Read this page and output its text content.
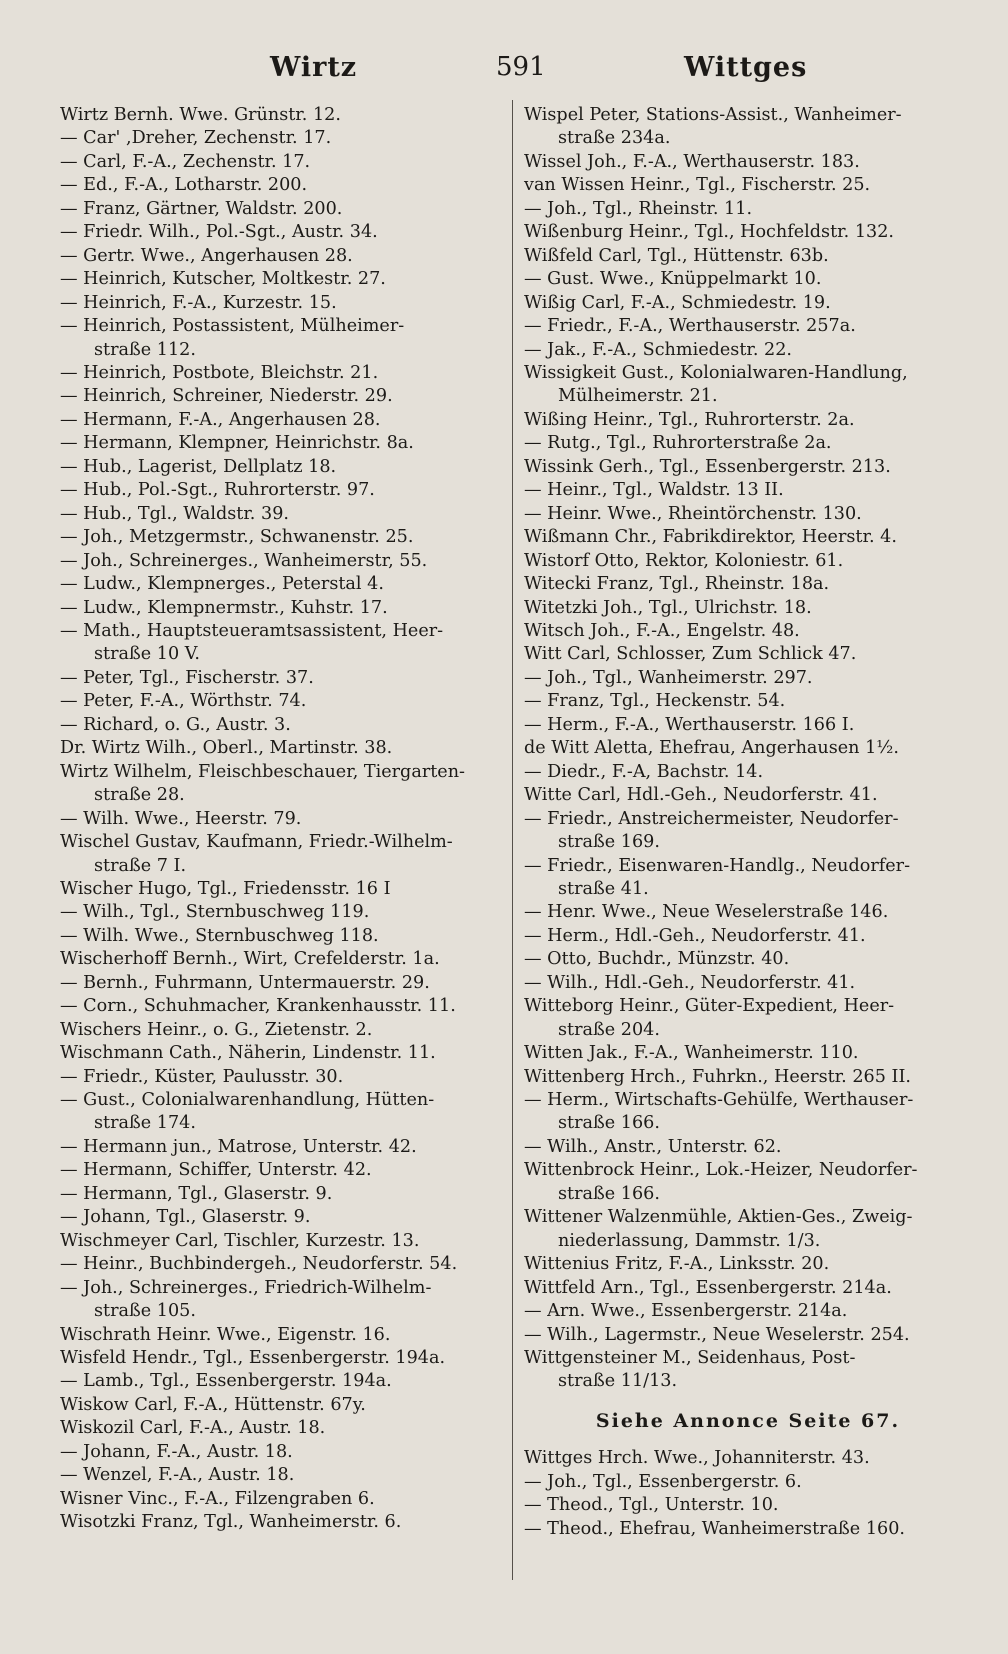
Wirtz	591	Wittges
Wirtz Bernh. Wwe. Grünstr. 12.
— Car' ,Dreher, Zechenstr. 17.
— Carl, F.-A., Zechenstr. 17.
— Ed., F.-A., Lotharstr. 200.
— Franz, Gärtner, Waldstr. 200.
— Friedr. Wilh., Pol.-Sgt., Austr. 34.
— Gertr. Wwe., Angerhausen 28.
— Heinrich, Kutscher, Moltkestr. 27.
— Heinrich, F.-A., Kurzestr. 15.
— Heinrich, Postassistent, Mülheimer-
straße 112.
— Heinrich, Postbote, Bleichstr. 21.
— Heinrich, Schreiner, Niederstr. 29.
— Hermann, F.-A., Angerhausen 28.
— Hermann, Klempner, Heinrichstr. 8a.
— Hub., Lagerist, Dellplatz 18.
— Hub., Pol.-Sgt., Ruhrorterstr. 97.
— Hub., Tgl., Waldstr. 39.
— Joh., Metzgermstr., Schwanenstr. 25.
— Joh., Schreinerges., Wanheimerstr, 55.
— Ludw., Klempnerges., Peterstal 4.
— Ludw., Klempnermstr., Kuhstr. 17.
— Math., Hauptsteueramtsassistent, Heer-
straße 10 V.
— Peter, Tgl., Fischerstr. 37.
— Peter, F.-A., Wörthstr. 74.
— Richard, o. G., Austr. 3.
Dr. Wirtz Wilh., Oberl., Martinstr. 38.
Wirtz Wilhelm, Fleischbeschauer, Tiergarten-
straße 28.
— Wilh. Wwe., Heerstr. 79.
Wischel Gustav, Kaufmann, Friedr.-Wilhelm-
straße 7 I.
Wischer Hugo, Tgl., Friedensstr. 16 I
— Wilh., Tgl., Sternbuschweg 119.
— Wilh. Wwe., Sternbuschweg 118.
Wischerhoff Bernh., Wirt, Crefelderstr. 1a.
— Bernh., Fuhrmann, Untermauerstr. 29.
— Corn., Schuhmacher, Krankenhausstr. 11.
Wischers Heinr., o. G., Zietenstr. 2.
Wischmann Cath., Näherin, Lindenstr. 11.
— Friedr., Küster, Paulusstr. 30.
— Gust., Colonialwarenhandlung, Hütten-
straße 174.
— Hermann jun., Matrose, Unterstr. 42.
— Hermann, Schiffer, Unterstr. 42.
— Hermann, Tgl., Glaserstr. 9.
— Johann, Tgl., Glaserstr. 9.
Wischmeyer Carl, Tischler, Kurzestr. 13.
— Heinr., Buchbindergeh., Neudorferstr. 54.
— Joh., Schreinerges., Friedrich-Wilhelm-
straße 105.
Wischrath Heinr. Wwe., Eigenstr. 16.
Wisfeld Hendr., Tgl., Essenbergerstr. 194a.
— Lamb., Tgl., Essenbergerstr. 194a.
Wiskow Carl, F.-A., Hüttenstr. 67y.
Wiskozil Carl, F.-A., Austr. 18.
— Johann, F.-A., Austr. 18.
— Wenzel, F.-A., Austr. 18.
Wisner Vinc., F.-A., Filzengraben 6.
Wisotzki Franz, Tgl., Wanheimerstr. 6.
Wispel Peter, Stations-Assist., Wanheimer-
straße 234a.
Wissel Joh., F.-A., Werthauserstr. 183.
van Wissen Heinr., Tgl., Fischerstr. 25.
— Joh., Tgl., Rheinstr. 11.
Wißenburg Heinr., Tgl., Hochfeldstr. 132.
Wißfeld Carl, Tgl., Hüttenstr. 63b.
— Gust. Wwe., Knüppelmarkt 10.
Wißig Carl, F.-A., Schmiedestr. 19.
— Friedr., F.-A., Werthauserstr. 257a.
— Jak., F.-A., Schmiedestr. 22.
Wissigkeit Gust., Kolonialwaren-Handlung,
Mülheimerstr. 21.
Wißing Heinr., Tgl., Ruhrorterstr. 2a.
— Rutg., Tgl., Ruhrorterstraße 2a.
Wissink Gerh., Tgl., Essenbergerstr. 213.
— Heinr., Tgl., Waldstr. 13 II.
— Heinr. Wwe., Rheintörchenstr. 130.
Wißmann Chr., Fabrikdirektor, Heerstr. 4.
Wistorf Otto, Rektor, Koloniestr. 61.
Witecki Franz, Tgl., Rheinstr. 18a.
Witetzki Joh., Tgl., Ulrichstr. 18.
Witsch Joh., F.-A., Engelstr. 48.
Witt Carl, Schlosser, Zum Schlick 47.
— Joh., Tgl., Wanheimerstr. 297.
— Franz, Tgl., Heckenstr. 54.
— Herm., F.-A., Werthauserstr. 166 I.
de Witt Aletta, Ehefrau, Angerhausen 1½.
— Diedr., F.-A, Bachstr. 14.
Witte Carl, Hdl.-Geh., Neudorferstr. 41.
— Friedr., Anstreichermeister, Neudorfer-
straße 169.
— Friedr., Eisenwaren-Handlg., Neudorfer-
straße 41.
— Henr. Wwe., Neue Weselerstraße 146.
— Herm., Hdl.-Geh., Neudorferstr. 41.
— Otto, Buchdr., Münzstr. 40.
— Wilh., Hdl.-Geh., Neudorferstr. 41.
Witteborg Heinr., Güter-Expedient, Heer-
straße 204.
Witten Jak., F.-A., Wanheimerstr. 110.
Wittenberg Hrch., Fuhrkn., Heerstr. 265 II.
— Herm., Wirtschafts-Gehülfe, Werthauser-
straße 166.
— Wilh., Anstr., Unterstr. 62.
Wittenbrock Heinr., Lok.-Heizer, Neudorfer-
straße 166.
Wittener Walzenmühle, Aktien-Ges., Zweig-
niederlassung, Dammstr. 1/3.
Wittenius Fritz, F.-A., Linksstr. 20.
Wittfeld Arn., Tgl., Essenbergerstr. 214a.
— Arn. Wwe., Essenbergerstr. 214a.
— Wilh., Lagermstr., Neue Weselerstr. 254.
Wittgensteiner M., Seidenhaus, Post-
straße 11/13.
Siehe Annonce Seite 67.
Wittges Hrch. Wwe., Johanniterstr. 43.
— Joh., Tgl., Essenbergerstr. 6.
— Theod., Tgl., Unterstr. 10.
— Theod., Ehefrau, Wanheimerstraße 160.
